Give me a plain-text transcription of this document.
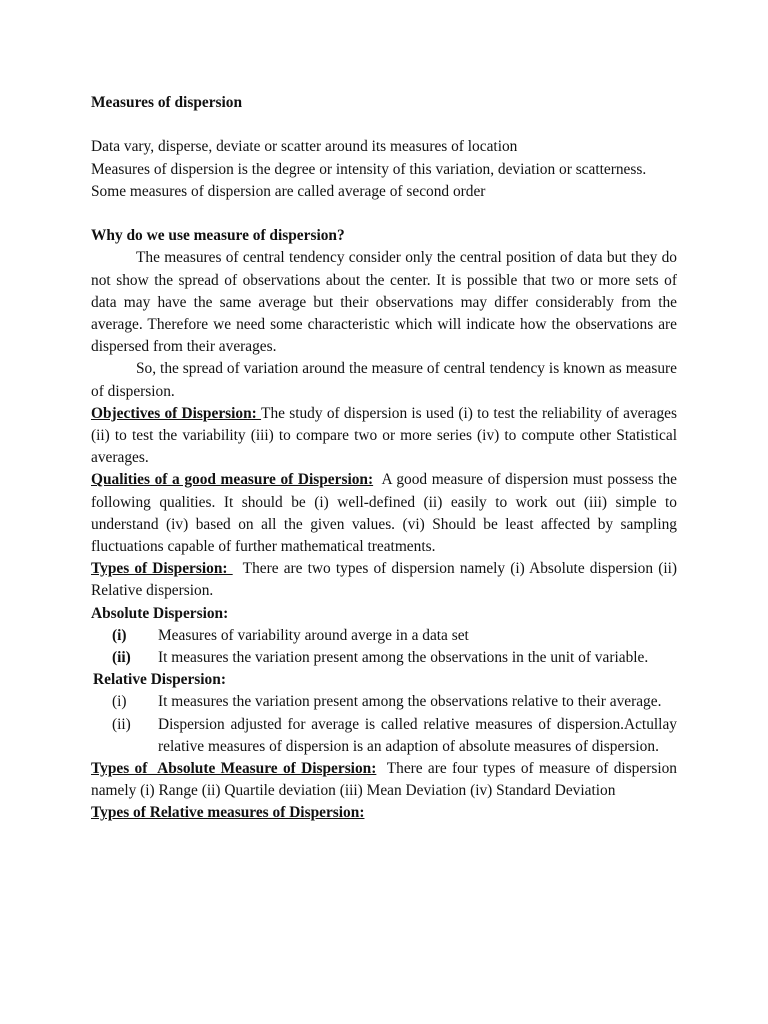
Measures of dispersion

Data vary, disperse, deviate or scatter around its measures of location

Measures of dispersion is the degree or intensity of this variation, deviation or scatterness.

Some measures of dispersion are called average of second order

Why do we use measure of dispersion?

The measures of central tendency consider only the central position of data but they do not show the spread of observations about the center. It is possible that two or more sets of data may have the same average but their observations may differ considerably from the average. Therefore we need some characteristic which will indicate how the observations are dispersed from their averages.

So, the spread of variation around the measure of central tendency is known as measure of dispersion.

Objectives of Dispersion: The study of dispersion is used (i) to test the reliability of averages (ii) to test the variability (iii) to compare two or more series (iv) to compute other Statistical averages.

Qualities of a good measure of Dispersion:  A good measure of dispersion must possess the following qualities. It should be (i) well-defined (ii) easily to work out (iii) simple to understand (iv) based on all the given values. (vi) Should be least affected by sampling fluctuations capable of further mathematical treatments.

Types of Dispersion:   There are two types of dispersion namely (i) Absolute dispersion (ii) Relative dispersion.

Absolute Dispersion:

(i)	Measures of variability around averge in a data set
(ii)	It measures the variation present among the observations in the unit of variable.

Relative Dispersion:

(i)	It measures the variation present among the observations relative to their average.
(ii)	Dispersion adjusted for average is called relative measures of dispersion.Actullay relative measures of dispersion is an adaption of absolute measures of dispersion.

Types of  Absolute Measure of Dispersion:  There are four types of measure of dispersion namely (i) Range (ii) Quartile deviation (iii) Mean Deviation (iv) Standard Deviation

Types of Relative measures of Dispersion:
